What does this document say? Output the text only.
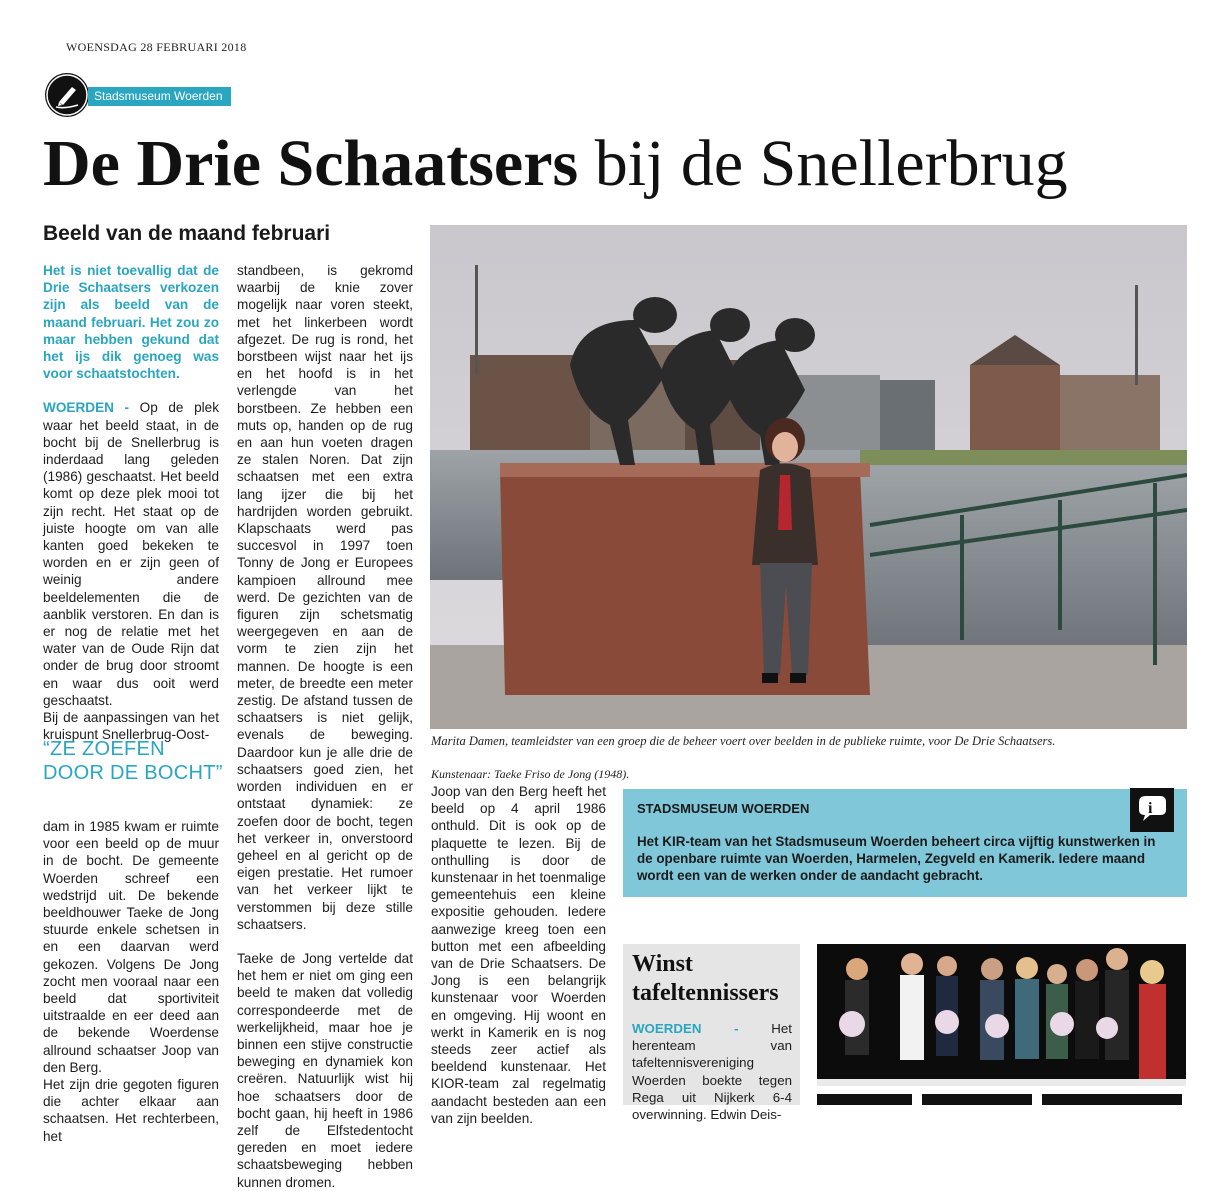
WOENSDAG 28 FEBRUARI 2018
Stadsmuseum Woerden
De Drie Schaatsers bij de Snellerbrug
Beeld van de maand februari

Het is niet toevallig dat de Drie Schaatsers verkozen zijn als beeld van de maand februari. Het zou zo maar hebben gekund dat het ijs dik genoeg was voor schaatstochten.

WOERDEN - Op de plek waar het beeld staat, in de bocht bij de Snellerbrug is inderdaad lang geleden (1986) geschaatst. Het beeld komt op deze plek mooi tot zijn recht. Het staat op de juiste hoogte om van alle kanten goed bekeken te worden en er zijn geen of weinig andere beeldelementen die de aanblik verstoren. En dan is er nog de relatie met het water van de Oude Rijn dat onder de brug door stroomt en waar dus ooit werd geschaatst.

Bij de aanpassingen van het kruispunt Snellerbrug-Oost-

“ZE ZOEFEN DOOR DE BOCHT”

dam in 1985 kwam er ruimte voor een beeld op de muur in de bocht. De gemeente Woerden schreef een wedstrijd uit. De bekende beeldhouwer Taeke de Jong stuurde enkele schetsen in en een daarvan werd gekozen. Volgens De Jong zocht men vooraal naar een beeld dat sportiviteit uitstraalde en eer deed aan de bekende Woerdense allround schaatser Joop van den Berg.

Het zijn drie gegoten figuren die achter elkaar aan schaatsen. Het rechterbeen, het

standbeen, is gekromd waarbij de knie zover mogelijk naar voren steekt, met het linkerbeen wordt afgezet. De rug is rond, het borstbeen wijst naar het ijs en het hoofd is in het verlengde van het borstbeen. Ze hebben een muts op, handen op de rug en aan hun voeten dragen ze stalen Noren. Dat zijn schaatsen met een extra lang ijzer die bij het hardrijden worden gebruikt. Klapschaats werd pas succesvol in 1997 toen Tonny de Jong er Europees kampioen allround mee werd. De gezichten van de figuren zijn schetsmatig weergegeven en aan de vorm te zien zijn het mannen. De hoogte is een meter, de breedte een meter zestig. De afstand tussen de schaatsers is niet gelijk, evenals de beweging. Daardoor kun je alle drie de schaatsers goed zien, het worden individuen en er ontstaat dynamiek: ze zoefen door de bocht, tegen het verkeer in, onverstoord geheel en al gericht op de eigen prestatie. Het rumoer van het verkeer lijkt te verstommen bij deze stille schaatsers.

Taeke de Jong vertelde dat het hem er niet om ging een beeld te maken dat volledig correspondeerde met de werkelijkheid, maar hoe je binnen een stijve constructie beweging en dynamiek kon creëren. Natuurlijk wist hij hoe schaatsers door de bocht gaan, hij heeft in 1986 zelf de Elfstedentocht gereden en moet iedere schaatsbeweging hebben kunnen dromen.

Marita Damen, teamleidster van een groep die de beheer voert over beelden in de publieke ruimte, voor De Drie Schaatsers.
Kunstenaar: Taeke Friso de Jong (1948).

Joop van den Berg heeft het beeld op 4 april 1986 onthuld. Dit is ook op de plaquette te lezen. Bij de onthulling is door de kunstenaar in het toenmalige gemeentehuis een kleine expositie gehouden. Iedere aanwezige kreeg toen een button met een afbeelding van de Drie Schaatsers. De Jong is een belangrijk kunstenaar voor Woerden en omgeving. Hij woont en werkt in Kamerik en is nog steeds zeer actief als beeldend kunstenaar. Het KIOR-team zal regelmatig aandacht besteden aan een van zijn beelden.

STADSMUSEUM WOERDEN	i
Het KIR-team van het Stadsmuseum Woerden beheert circa vijftig kunstwerken in de openbare ruimte van Woerden, Harmelen, Zegveld en Kamerik. Iedere maand wordt een van de werken onder de aandacht gebracht.
Winst tafeltennissers
WOERDEN - Het herenteam van tafeltennisvereniging Woerden boekte tegen Rega uit Nijkerk 6-4 overwinning. Edwin Deis-
